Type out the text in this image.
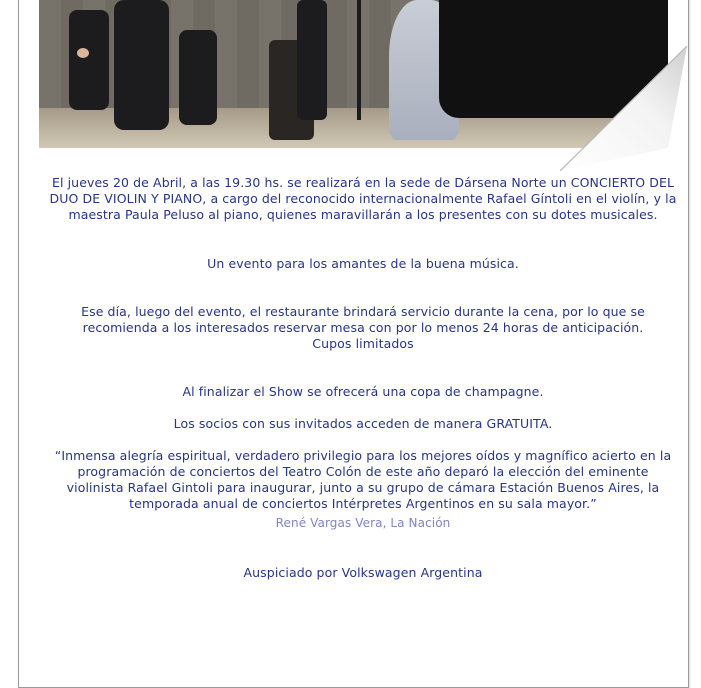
El jueves 20 de Abril, a las 19.30 hs. se realizará en la sede de Dársena Norte un CONCIERTO DEL DUO DE VIOLIN Y PIANO, a cargo del reconocido internacionalmente Rafael Gíntoli en el violín, y la maestra Paula Peluso al piano, quienes maravillarán a los presentes con su dotes musicales.

Un evento para los amantes de la buena música.

Ese día, luego del evento, el restaurante brindará servicio durante la cena, por lo que se recomienda a los interesados reservar mesa con por lo menos 24 horas de anticipación.

Cupos limitados

Al finalizar el Show se ofrecerá una copa de champagne.

Los socios con sus invitados acceden de manera GRATUITA.

“Inmensa alegría espiritual, verdadero privilegio para los mejores oídos y magnífico acierto en la programación de conciertos del Teatro Colón de este año deparó la elección del eminente violinista Rafael Gintoli para inaugurar, junto a su grupo de cámara Estación Buenos Aires, la temporada anual de conciertos Intérpretes Argentinos en su sala mayor.”

René Vargas Vera, La Nación

Auspiciado por Volkswagen Argentina
